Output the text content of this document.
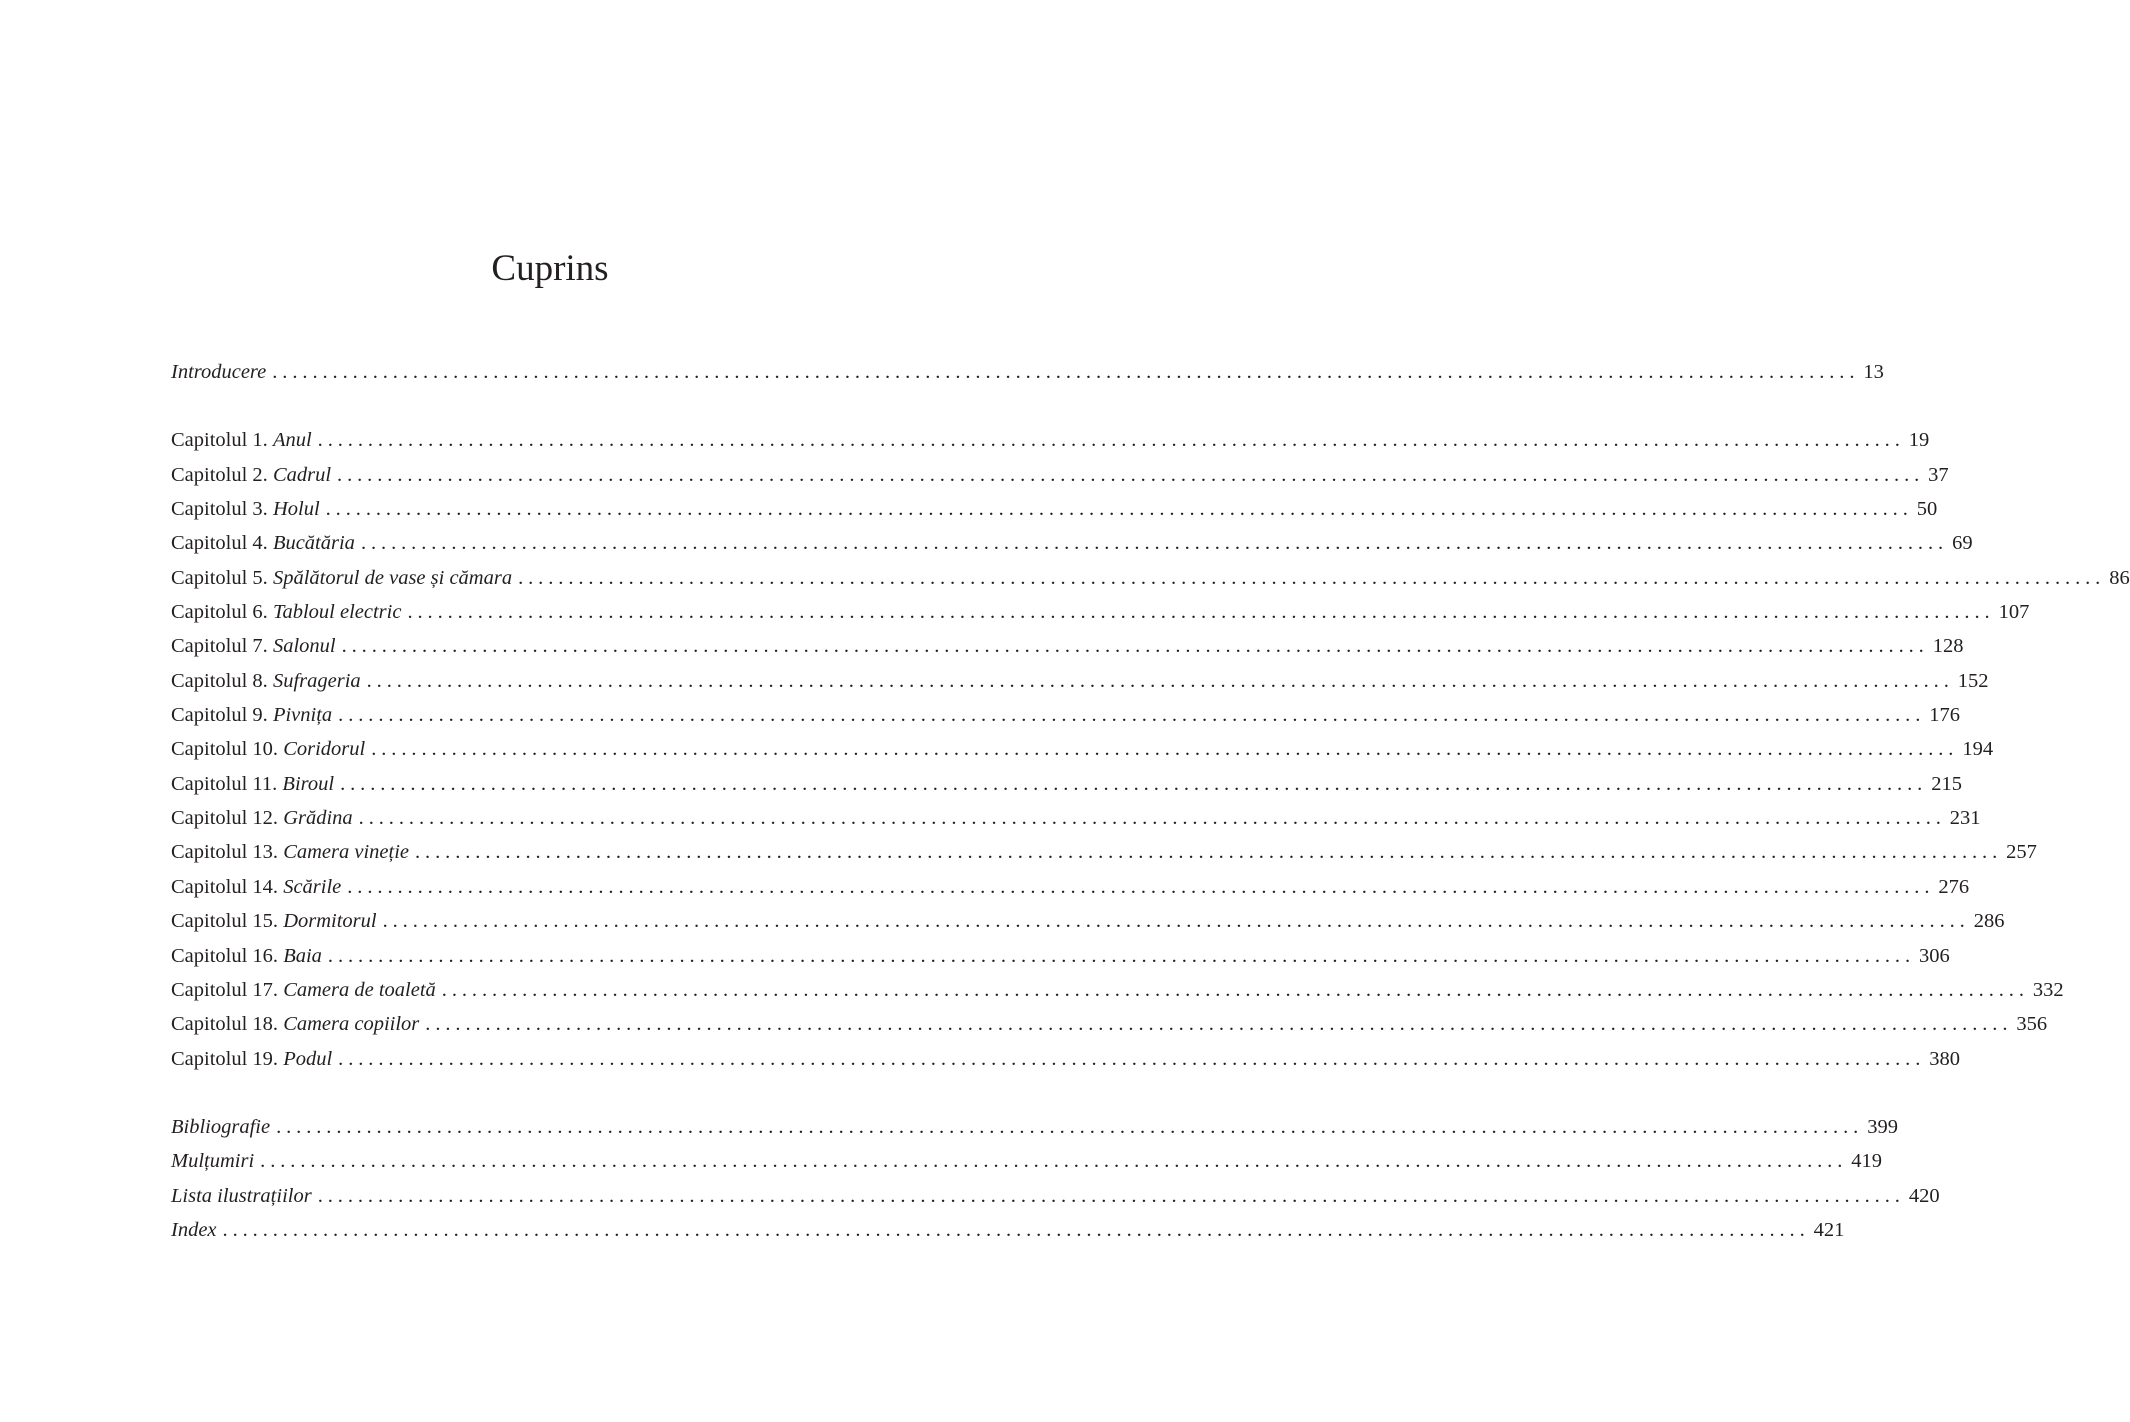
Cuprins
Introducere .............................................................................................................................................................. 13
Capitolul 1. Anul .............................................................................................................................................................. 19
Capitolul 2. Cadrul .............................................................................................................................................................. 37
Capitolul 3. Holul .............................................................................................................................................................. 50
Capitolul 4. Bucătăria .............................................................................................................................................................. 69
Capitolul 5. Spălătorul de vase și cămara .............................................................................................................................................................. 86
Capitolul 6. Tabloul electric .............................................................................................................................................................. 107
Capitolul 7. Salonul .............................................................................................................................................................. 128
Capitolul 8. Sufrageria .............................................................................................................................................................. 152
Capitolul 9. Pivnița .............................................................................................................................................................. 176
Capitolul 10. Coridorul .............................................................................................................................................................. 194
Capitolul 11. Biroul .............................................................................................................................................................. 215
Capitolul 12. Grădina .............................................................................................................................................................. 231
Capitolul 13. Camera vineție .............................................................................................................................................................. 257
Capitolul 14. Scările .............................................................................................................................................................. 276
Capitolul 15. Dormitorul .............................................................................................................................................................. 286
Capitolul 16. Baia .............................................................................................................................................................. 306
Capitolul 17. Camera de toaletă .............................................................................................................................................................. 332
Capitolul 18. Camera copiilor .............................................................................................................................................................. 356
Capitolul 19. Podul .............................................................................................................................................................. 380
Bibliografie .............................................................................................................................................................. 399
Mulțumiri .............................................................................................................................................................. 419
Lista ilustrațiilor .............................................................................................................................................................. 420
Index .............................................................................................................................................................. 421
